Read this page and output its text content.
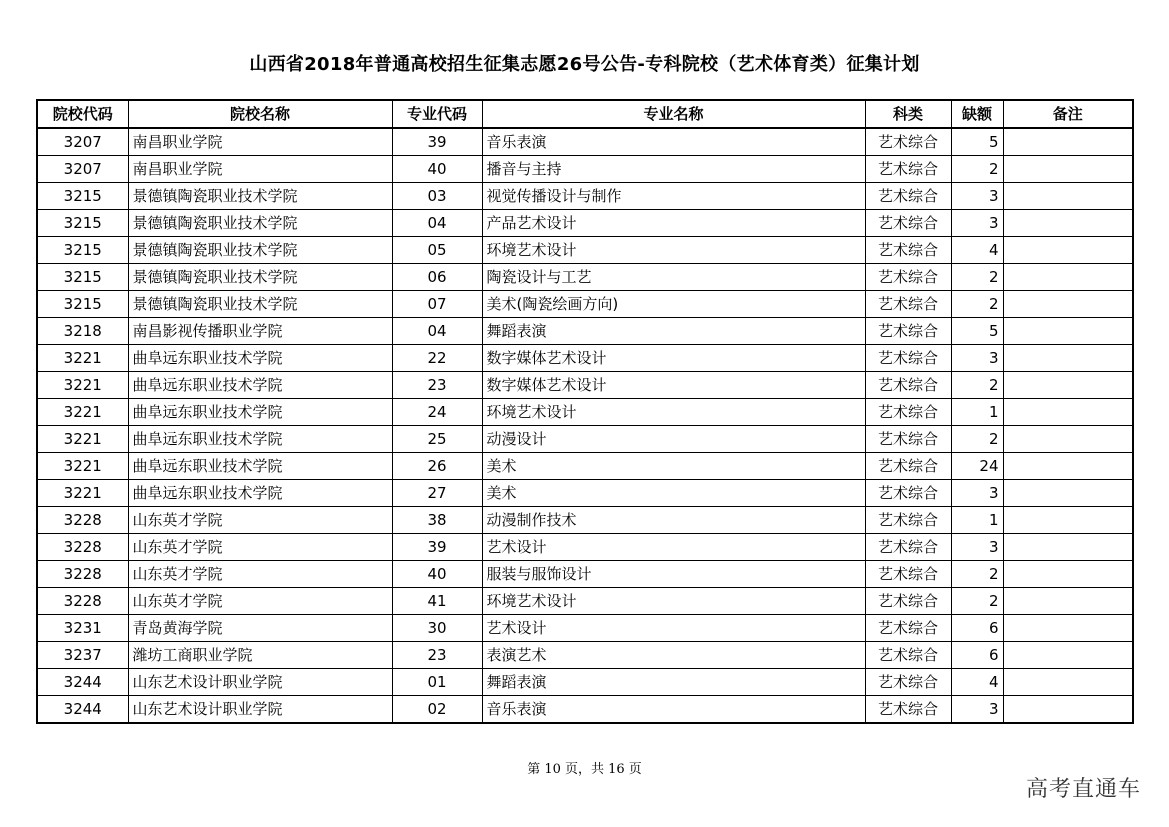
山西省2018年普通高校招生征集志愿26号公告-专科院校（艺术体育类）征集计划
院校代码	院校名称	专业代码	专业名称	科类	缺额	备注
3207	南昌职业学院	39	音乐表演	艺术综合	5	
3207	南昌职业学院	40	播音与主持	艺术综合	2	
3215	景德镇陶瓷职业技术学院	03	视觉传播设计与制作	艺术综合	3	
3215	景德镇陶瓷职业技术学院	04	产品艺术设计	艺术综合	3	
3215	景德镇陶瓷职业技术学院	05	环境艺术设计	艺术综合	4	
3215	景德镇陶瓷职业技术学院	06	陶瓷设计与工艺	艺术综合	2	
3215	景德镇陶瓷职业技术学院	07	美术(陶瓷绘画方向)	艺术综合	2	
3218	南昌影视传播职业学院	04	舞蹈表演	艺术综合	5	
3221	曲阜远东职业技术学院	22	数字媒体艺术设计	艺术综合	3	
3221	曲阜远东职业技术学院	23	数字媒体艺术设计	艺术综合	2	
3221	曲阜远东职业技术学院	24	环境艺术设计	艺术综合	1	
3221	曲阜远东职业技术学院	25	动漫设计	艺术综合	2	
3221	曲阜远东职业技术学院	26	美术	艺术综合	24	
3221	曲阜远东职业技术学院	27	美术	艺术综合	3	
3228	山东英才学院	38	动漫制作技术	艺术综合	1	
3228	山东英才学院	39	艺术设计	艺术综合	3	
3228	山东英才学院	40	服装与服饰设计	艺术综合	2	
3228	山东英才学院	41	环境艺术设计	艺术综合	2	
3231	青岛黄海学院	30	艺术设计	艺术综合	6	
3237	潍坊工商职业学院	23	表演艺术	艺术综合	6	
3244	山东艺术设计职业学院	01	舞蹈表演	艺术综合	4	
3244	山东艺术设计职业学院	02	音乐表演	艺术综合	3	
第 10 页，共 16 页
高考直通车
